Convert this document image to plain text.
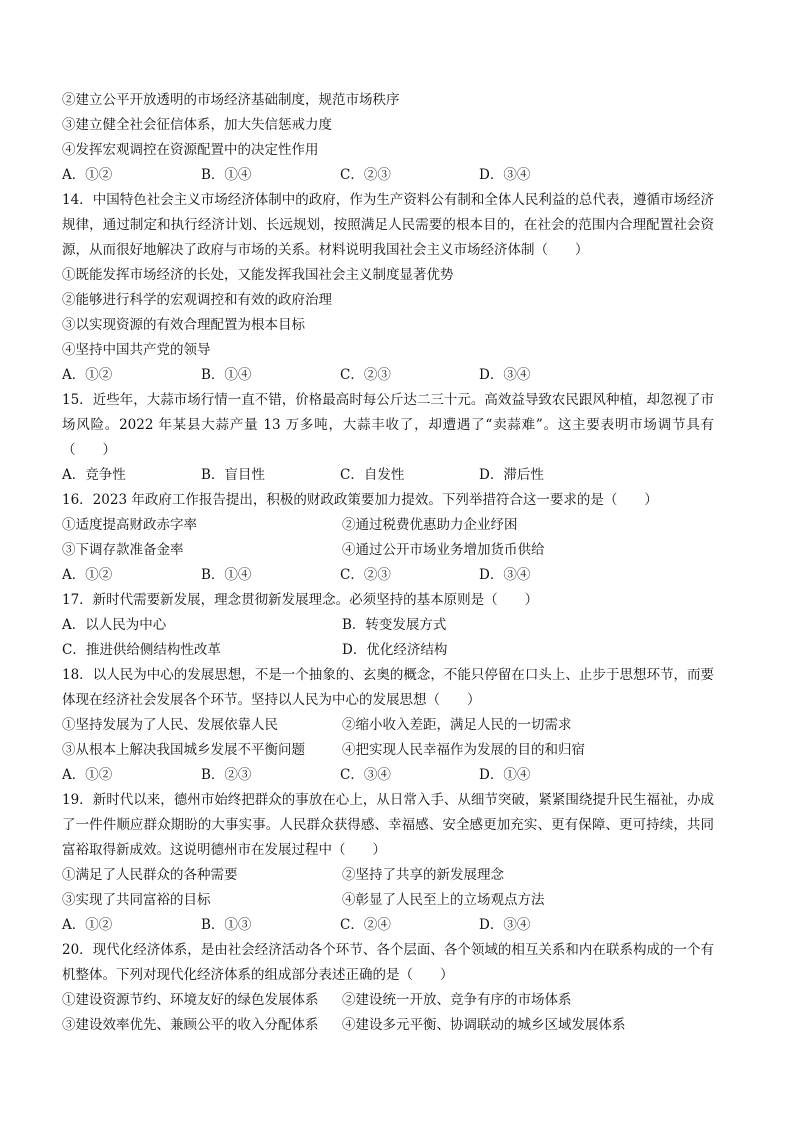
②建立公平开放透明的市场经济基础制度，规范市场秩序
③建立健全社会征信体系，加大失信惩戒力度
④发挥宏观调控在资源配置中的决定性作用
A．①②	B．①④	C．②③	D．③④
14．中国特色社会主义市场经济体制中的政府，作为生产资料公有制和全体人民利益的总代表，遵循市场经济规律，通过制定和执行经济计划、长远规划，按照满足人民需要的根本目的，在社会的范围内合理配置社会资源，从而很好地解决了政府与市场的关系。材料说明我国社会主义市场经济体制（　　）
①既能发挥市场经济的长处，又能发挥我国社会主义制度显著优势
②能够进行科学的宏观调控和有效的政府治理
③以实现资源的有效合理配置为根本目标
④坚持中国共产党的领导
A．①②	B．①④	C．②③	D．③④
15．近些年，大蒜市场行情一直不错，价格最高时每公斤达二三十元。高效益导致农民跟风种植，却忽视了市场风险。2022 年某县大蒜产量 13 万多吨，大蒜丰收了，却遭遇了“卖蒜难”。这主要表明市场调节具有（　　）
A．竞争性	B．盲目性	C．自发性	D．滞后性
16．2023 年政府工作报告提出，积极的财政政策要加力提效。下列举措符合这一要求的是（　　）
①适度提高财政赤字率	②通过税费优惠助力企业纾困
③下调存款准备金率	④通过公开市场业务增加货币供给
A．①②	B．①④	C．②③	D．③④
17．新时代需要新发展，理念贯彻新发展理念。必须坚持的基本原则是（　　）
A．以人民为中心	B．转变发展方式
C．推进供给侧结构性改革	D．优化经济结构
18．以人民为中心的发展思想，不是一个抽象的、玄奥的概念，不能只停留在口头上、止步于思想环节，而要体现在经济社会发展各个环节。坚持以人民为中心的发展思想（　　）
①坚持发展为了人民、发展依靠人民	②缩小收入差距，满足人民的一切需求
③从根本上解决我国城乡发展不平衡问题	④把实现人民幸福作为发展的目的和归宿
A．①②	B．②③	C．③④	D．①④
19．新时代以来，德州市始终把群众的事放在心上，从日常入手、从细节突破，紧紧围绕提升民生福祉，办成了一件件顺应群众期盼的大事实事。人民群众获得感、幸福感、安全感更加充实、更有保障、更可持续，共同富裕取得新成效。这说明德州市在发展过程中（　　）
①满足了人民群众的各种需要	②坚持了共享的新发展理念
③实现了共同富裕的目标	④彰显了人民至上的立场观点方法
A．①②	B．①③	C．②④	D．③④
20．现代化经济体系，是由社会经济活动各个环节、各个层面、各个领域的相互关系和内在联系构成的一个有机整体。下列对现代化经济体系的组成部分表述正确的是（　　）
①建设资源节约、环境友好的绿色发展体系	②建设统一开放、竞争有序的市场体系
③建设效率优先、兼顾公平的收入分配体系	④建设多元平衡、协调联动的城乡区域发展体系
